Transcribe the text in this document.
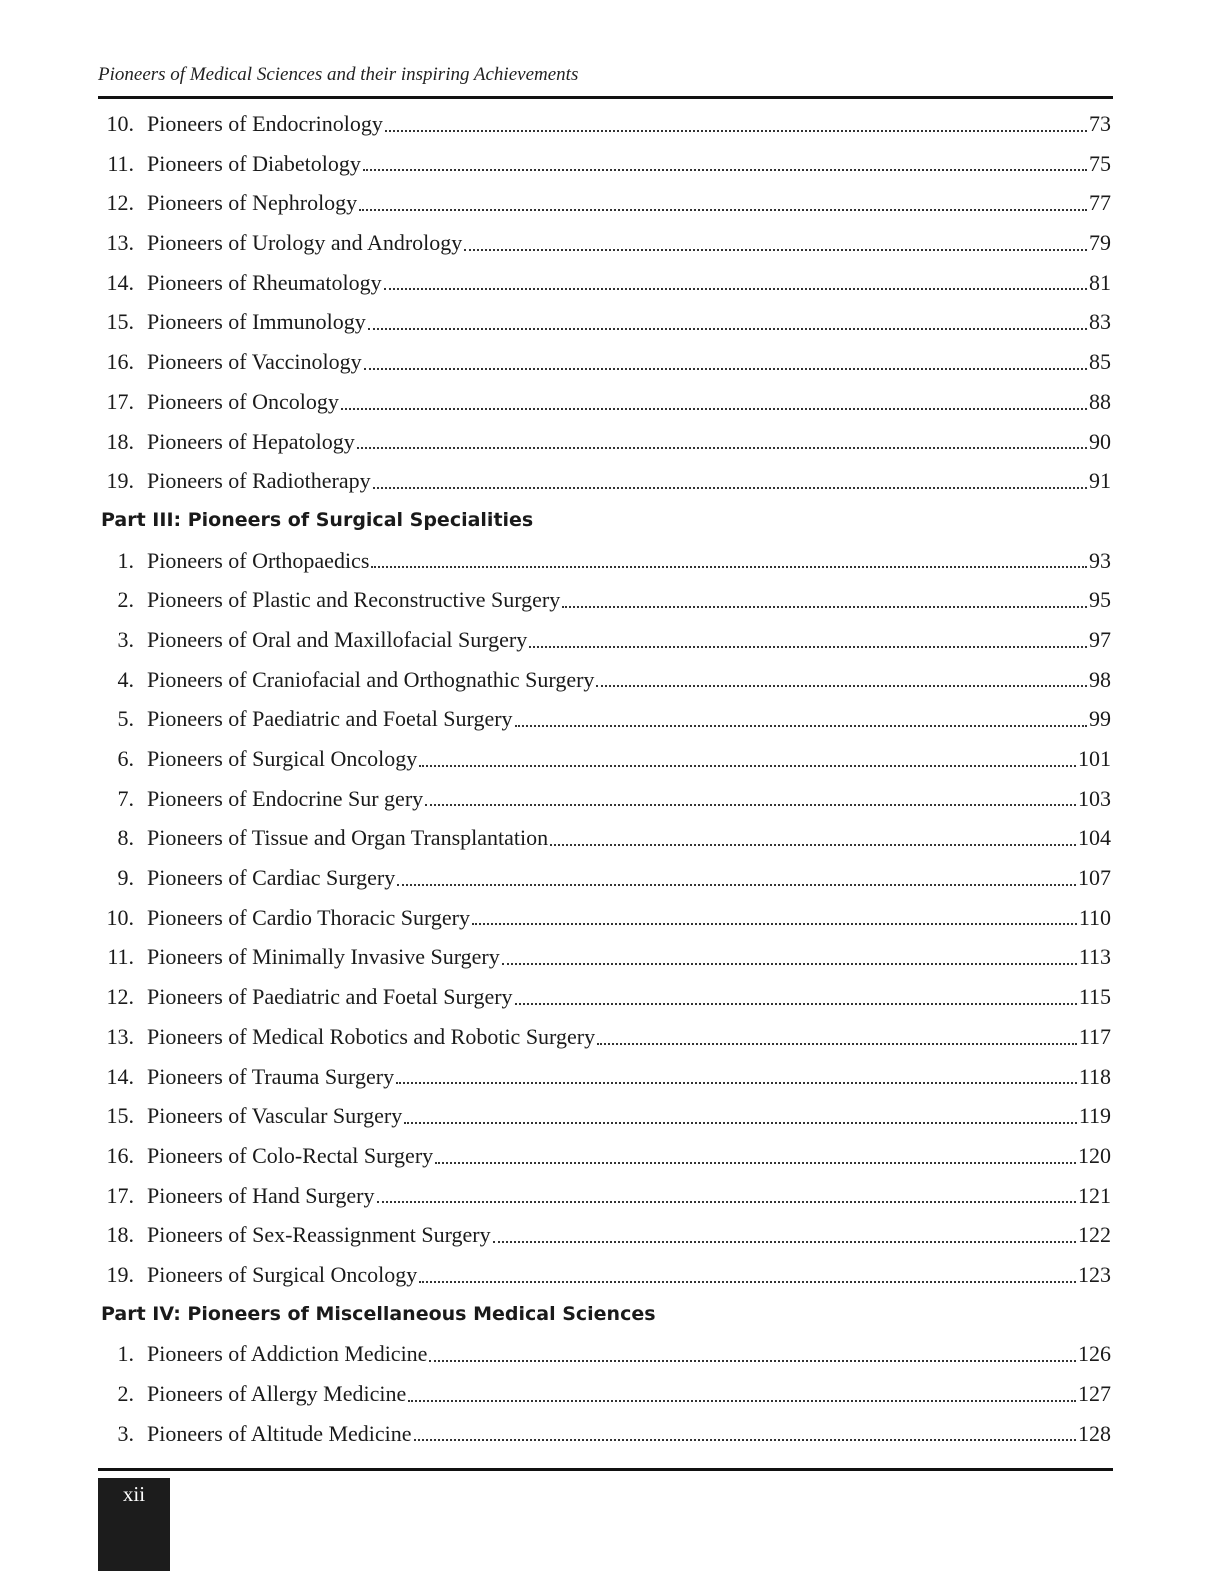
Pioneers of Medical Sciences and their inspiring Achievements
10. Pioneers of Endocrinology	73
11. Pioneers of Diabetology	75
12. Pioneers of Nephrology	77
13. Pioneers of Urology and Andrology	79
14. Pioneers of Rheumatology	81
15. Pioneers of Immunology	83
16. Pioneers of Vaccinology	85
17. Pioneers of Oncology	88
18. Pioneers of Hepatology	90
19. Pioneers of Radiotherapy	91
Part III: Pioneers of Surgical Specialities
1. Pioneers of Orthopaedics	93
2. Pioneers of Plastic and Reconstructive Surgery	95
3. Pioneers of Oral and Maxillofacial Surgery	97
4. Pioneers of Craniofacial and Orthognathic Surgery	98
5. Pioneers of Paediatric and Foetal Surgery	99
6. Pioneers of Surgical Oncology	101
7. Pioneers of Endocrine Sur gery	103
8. Pioneers of Tissue and Organ Transplantation	104
9. Pioneers of Cardiac Surgery	107
10. Pioneers of Cardio Thoracic Surgery	110
11. Pioneers of Minimally Invasive Surgery	113
12. Pioneers of Paediatric and Foetal Surgery	115
13. Pioneers of Medical Robotics and Robotic Surgery	117
14. Pioneers of Trauma Surgery	118
15. Pioneers of Vascular Surgery	119
16. Pioneers of Colo-Rectal Surgery	120
17. Pioneers of Hand Surgery	121
18. Pioneers of Sex-Reassignment Surgery	122
19. Pioneers of Surgical Oncology	123
Part IV: Pioneers of Miscellaneous Medical Sciences
1. Pioneers of Addiction Medicine	126
2. Pioneers of Allergy Medicine	127
3. Pioneers of Altitude Medicine	128
xii
